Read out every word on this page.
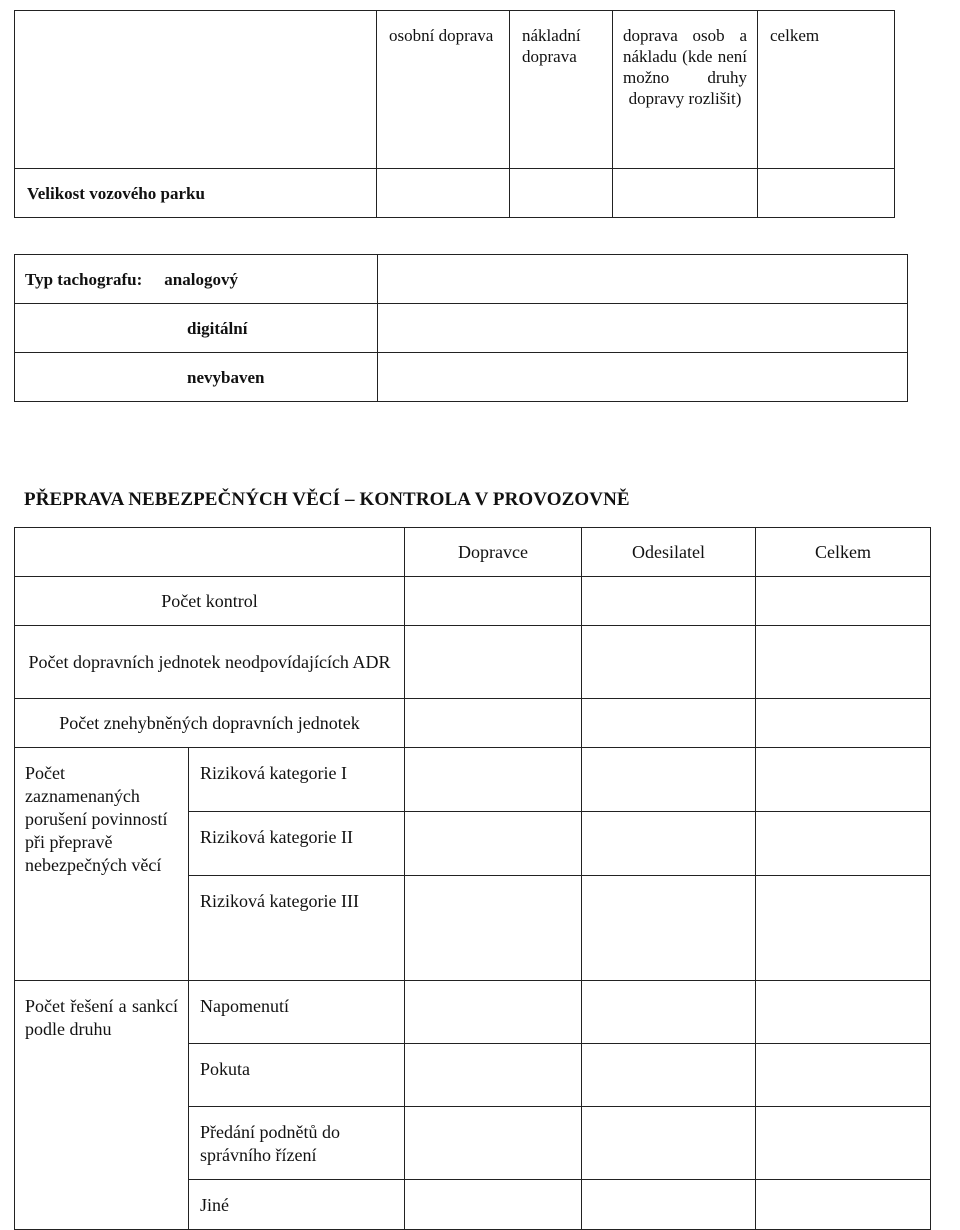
	osobní doprava	nákladní doprava	doprava osob a nákladu (kde není možno druhy dopravy rozlišit)	celkem
Velikost vozového parku				
Typ tachografu: analogový	
digitální	
nevybaven	
PŘEPRAVA NEBEZPEČNÝCH VĚCÍ – KONTROLA V PROVOZOVNĚ
		Dopravce	Odesilatel	Celkem
Počet kontrol				
Počet dopravních jednotek neodpovídajících ADR				
Počet znehybněných dopravních jednotek				
Počet zaznamenaných porušení povinností při přepravě nebezpečných věcí	Riziková kategorie I			
	Riziková kategorie II			
	Riziková kategorie III			
Počet řešení a sankcí podle druhu	Napomenutí			
	Pokuta			
	Předání podnětů do správního řízení			
	Jiné			
